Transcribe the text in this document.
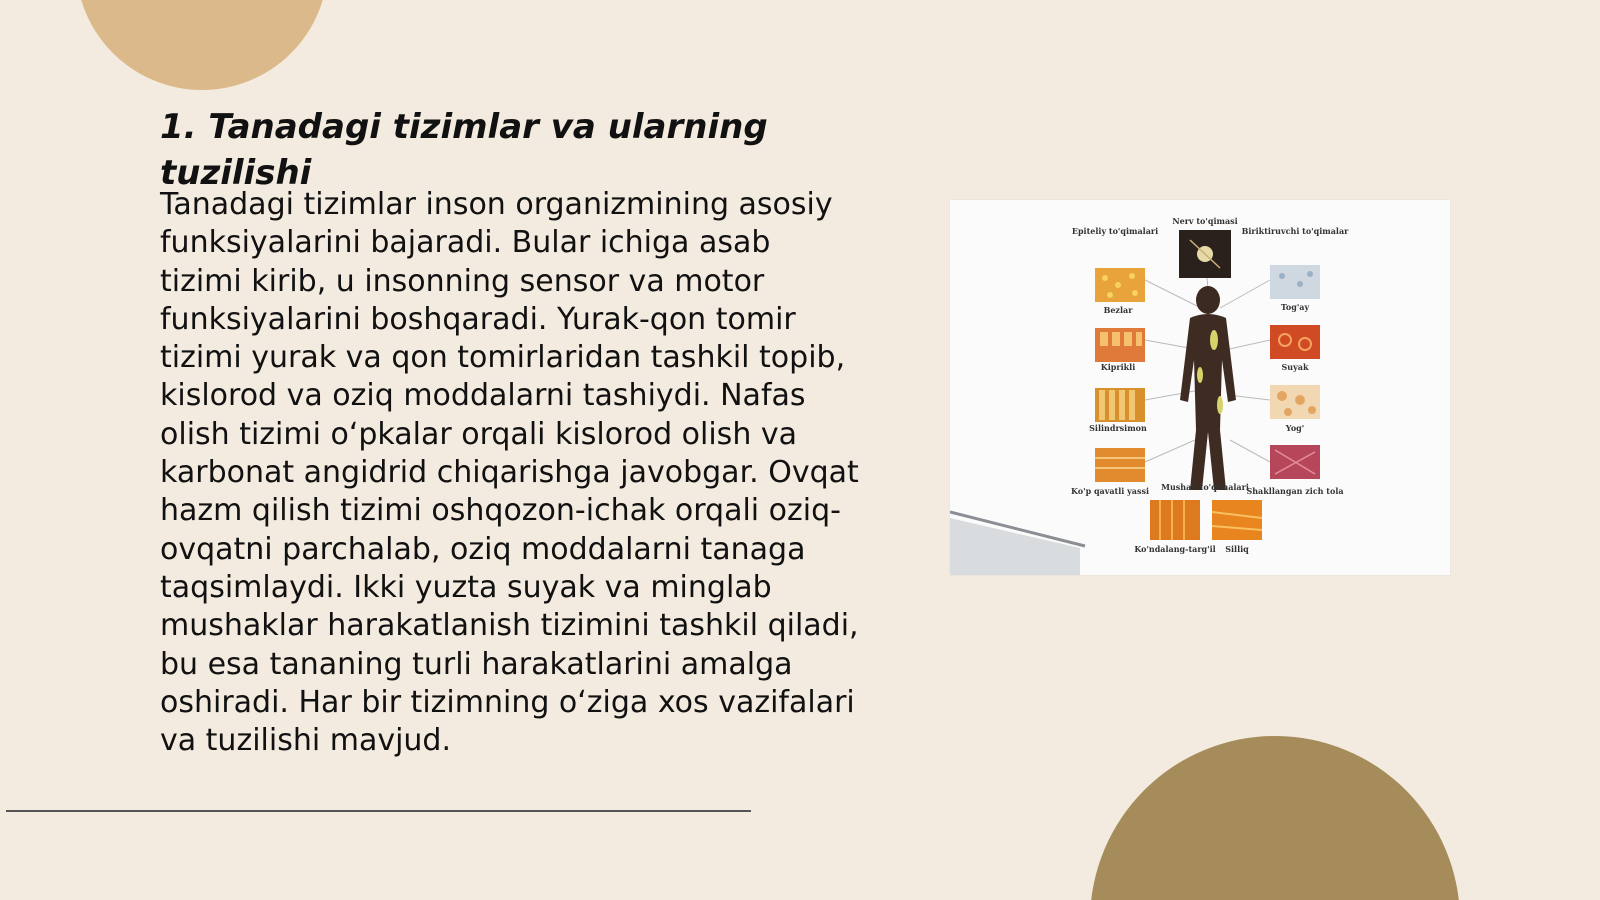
1. Tanadagi tizimlar va ularning tuzilishi

Tanadagi tizimlar inson organizmining asosiy funksiyalarini bajaradi. Bular ichiga asab tizimi kirib, u insonning sensor va motor funksiyalarini boshqaradi. Yurak-qon tomir tizimi yurak va qon tomirlaridan tashkil topib, kislorod va oziq moddalarni tashiydi. Nafas olish tizimi o‘pkalar orqali kislorod olish va karbonat angidrid chiqarishga javobgar. Ovqat hazm qilish tizimi oshqozon-ichak orqali oziq-ovqatni parchalab, oziq moddalarni tanaga taqsimlaydi. Ikki yuzta suyak va minglab mushaklar harakatlanish tizimini tashkil qiladi, bu esa tananing turli harakatlarini amalga oshiradi. Har bir tizimning o‘ziga xos vazifalari va tuzilishi mavjud.

Nerv to'qimasi
Epiteliy to'qimalari	Biriktiruvchi to'qimalar
Bezlar	Tog'ay
Kiprikli	Suyak
Silindrsimon	Yog'
Ko'p qavatli yassi	Shakllangan zich tola
Mushak to'qimalari
Ko'ndalang-targ'il Silliq
